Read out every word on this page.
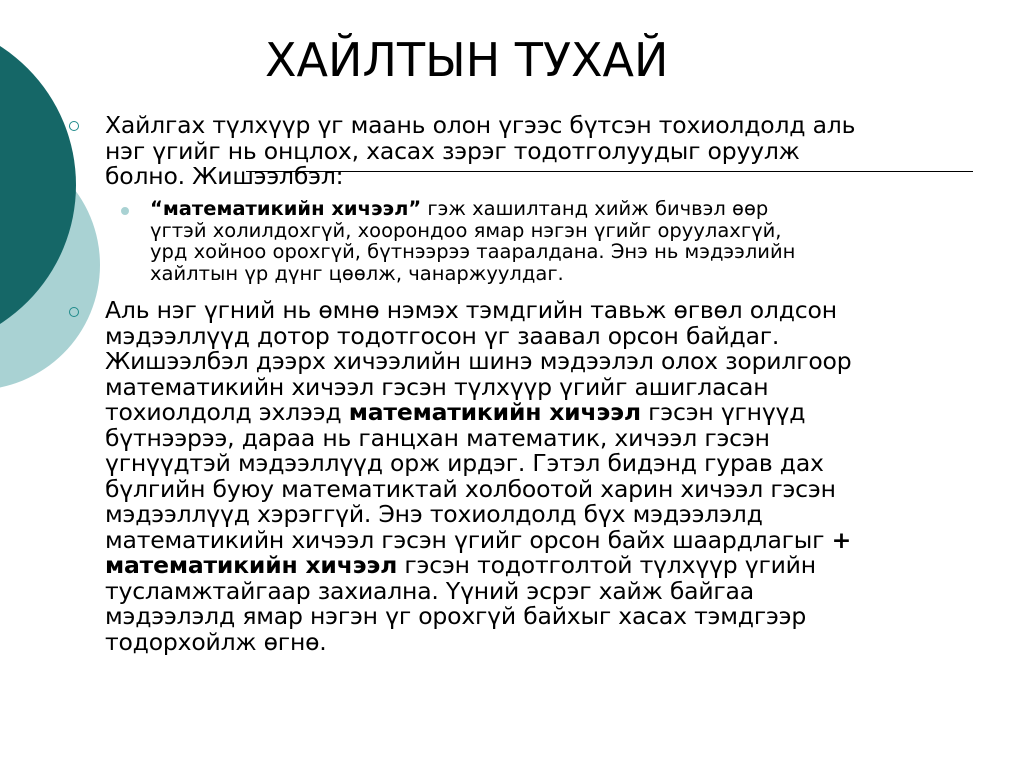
ХАЙЛТЫН ТУХАЙ

Хайлгах түлхүүр үг маань олон үгээс бүтсэн тохиолдолд аль
нэг үгийг нь онцлох, хасах зэрэг тодотголуудыг оруулж
болно. Жишээлбэл:

“математикийн хичээл” гэж хашилтанд хийж бичвэл өөр
үгтэй холилдохгүй, хоорондоо ямар нэгэн үгийг оруулахгүй,
урд хойноо орохгүй, бүтнээрээ тааралдана. Энэ нь мэдээлийн
хайлтын үр дүнг цөөлж, чанаржуулдаг.

Аль нэг үгний нь өмнө нэмэх тэмдгийн тавьж өгвөл олдсон
мэдээллүүд дотор тодотгосон үг заавал орсон байдаг.
Жишээлбэл дээрх хичээлийн шинэ мэдээлэл олох зорилгоор
математикийн хичээл гэсэн түлхүүр үгийг ашигласан
тохиолдолд эхлээд математикийн хичээл гэсэн үгнүүд
бүтнээрээ, дараа нь ганцхан математик, хичээл гэсэн
үгнүүдтэй мэдээллүүд орж ирдэг. Гэтэл бидэнд гурав дах
бүлгийн буюу математиктай холбоотой харин хичээл гэсэн
мэдээллүүд хэрэггүй. Энэ тохиолдолд бүх мэдээлэлд
математикийн хичээл гэсэн үгийг орсон байх шаардлагыг +
математикийн хичээл гэсэн тодотголтой түлхүүр үгийн
тусламжтайгаар захиална. Үүний эсрэг хайж байгаа
мэдээлэлд ямар нэгэн үг орохгүй байхыг хасах тэмдгээр
тодорхойлж өгнө.
